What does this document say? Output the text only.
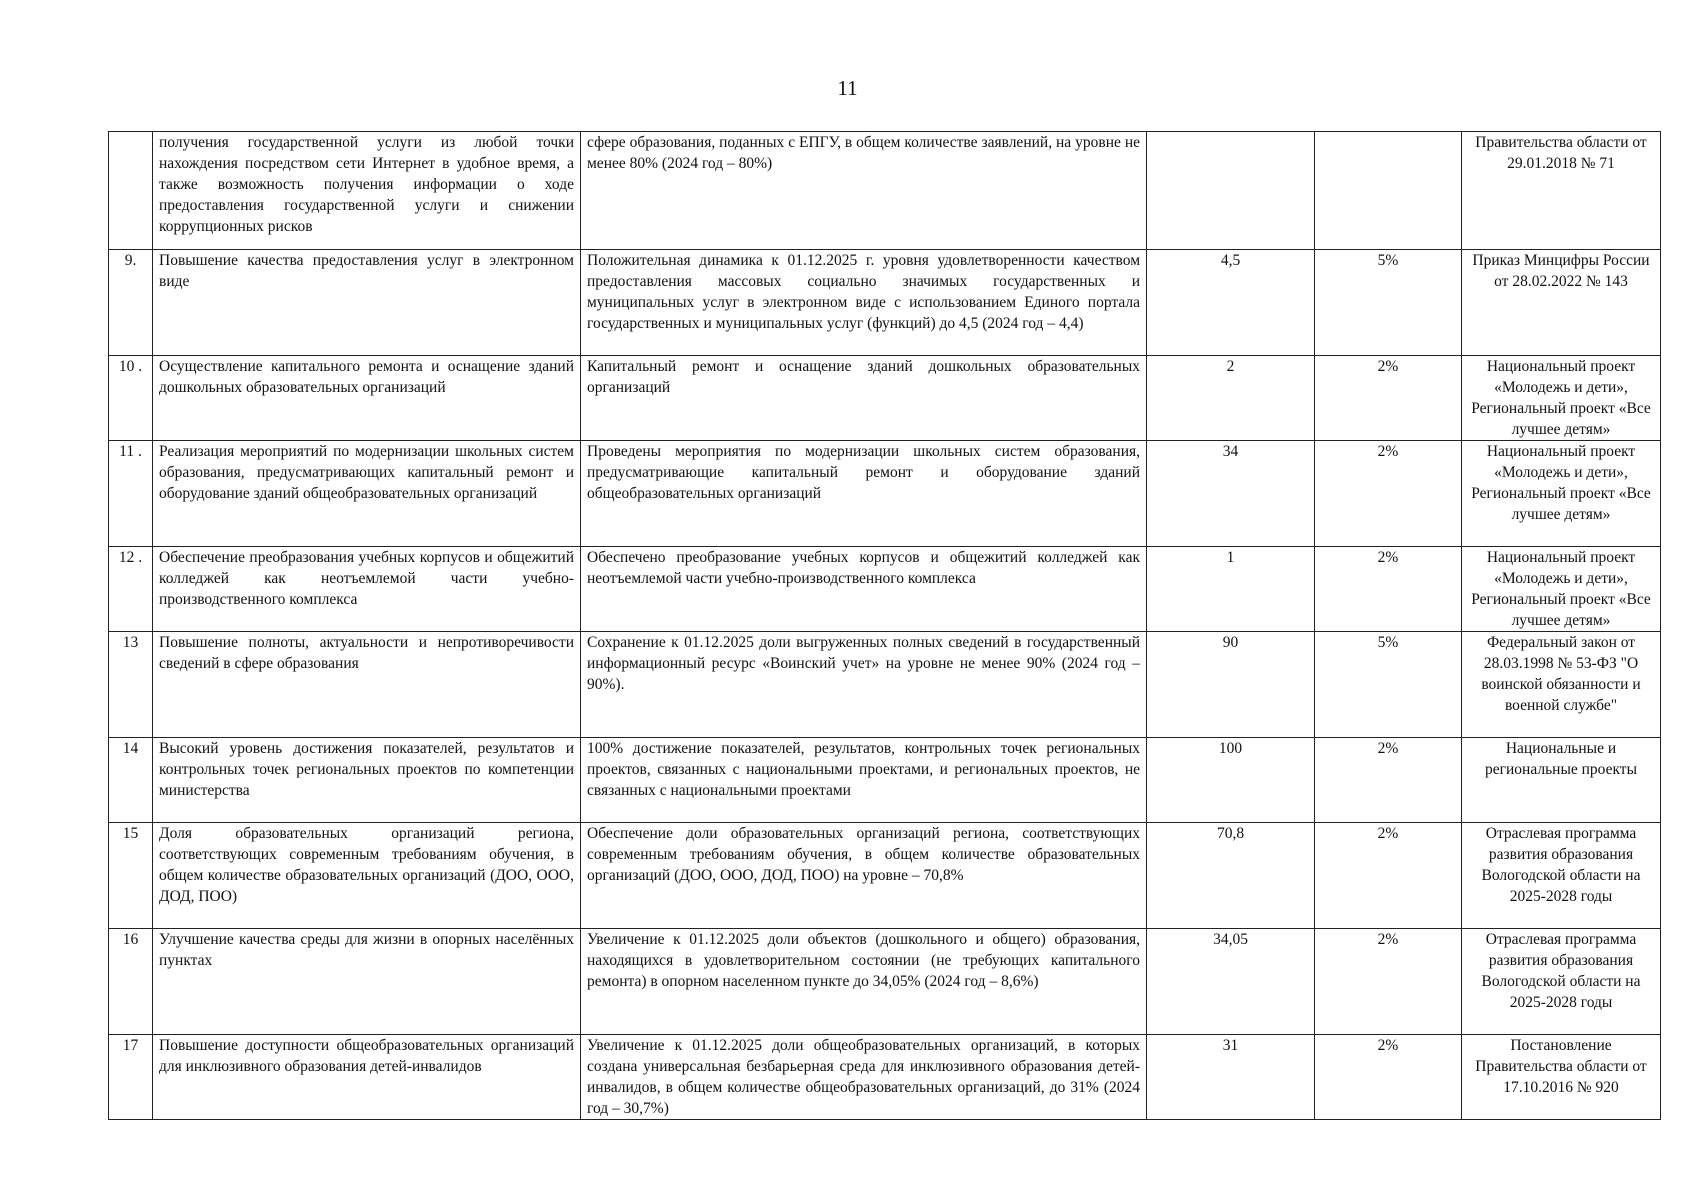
11
	получения государственной услуги из любой точки нахождения посредством сети Интернет в удобное время, а также возможность получения информации о ходе предоставления государственной услуги и снижении коррупционных рисков	сфере образования, поданных с ЕПГУ, в общем количестве заявлений, на уровне не менее 80% (2024 год – 80%)			Правительства области от 29.01.2018 № 71
9.	Повышение качества предоставления услуг в электронном виде	Положительная динамика к 01.12.2025 г. уровня удовлетворенности качеством предоставления массовых социально значимых государственных и муниципальных услуг в электронном виде с использованием Единого портала государственных и муниципальных услуг (функций) до 4,5 (2024 год – 4,4)	4,5	5%	Приказ Минцифры России от 28.02.2022 № 143
10 .	Осуществление капитального ремонта и оснащение зданий дошкольных образовательных организаций	Капитальный ремонт и оснащение зданий дошкольных образовательных организаций	2	2%	Национальный проект «Молодежь и дети», Региональный проект «Все лучшее детям»
11 .	Реализация мероприятий по модернизации школьных систем образования, предусматривающих капитальный ремонт и оборудование зданий общеобразовательных организаций	Проведены мероприятия по модернизации школьных систем образования, предусматривающие капитальный ремонт и оборудование зданий общеобразовательных организаций	34	2%	Национальный проект «Молодежь и дети», Региональный проект «Все лучшее детям»
12 .	Обеспечение преобразования учебных корпусов и общежитий колледжей как неотъемлемой части учебно-производственного комплекса	Обеспечено преобразование учебных корпусов и общежитий колледжей как неотъемлемой части учебно-производственного комплекса	1	2%	Национальный проект «Молодежь и дети», Региональный проект «Все лучшее детям»
13	Повышение полноты, актуальности и непротиворечивости сведений в сфере образования	Сохранение к 01.12.2025 доли выгруженных полных сведений в государственный информационный ресурс «Воинский учет» на уровне не менее 90% (2024 год – 90%).	90	5%	Федеральный закон от 28.03.1998 № 53-ФЗ "О воинской обязанности и военной службе"
14	Высокий уровень достижения показателей, результатов и контрольных точек региональных проектов по компетенции министерства	100% достижение показателей, результатов, контрольных точек региональных проектов, связанных с национальными проектами, и региональных проектов, не связанных с национальными проектами	100	2%	Национальные и региональные проекты
15	Доля образовательных организаций региона, соответствующих современным требованиям обучения, в общем количестве образовательных организаций (ДОО, ООО, ДОД, ПОО)	Обеспечение доли образовательных организаций региона, соответствующих современным требованиям обучения, в общем количестве образовательных организаций (ДОО, ООО, ДОД, ПОО) на уровне – 70,8%	70,8	2%	Отраслевая программа развития образования Вологодской области на 2025-2028 годы
16	Улучшение качества среды для жизни в опорных населённых пунктах	Увеличение к 01.12.2025 доли объектов (дошкольного и общего) образования, находящихся в удовлетворительном состоянии (не требующих капитального ремонта) в опорном населенном пункте до 34,05% (2024 год – 8,6%)	34,05	2%	Отраслевая программа развития образования Вологодской области на 2025-2028 годы
17	Повышение доступности общеобразовательных организаций для инклюзивного образования детей-инвалидов	Увеличение к 01.12.2025 доли общеобразовательных организаций, в которых создана универсальная безбарьерная среда для инклюзивного образования детей-инвалидов, в общем количестве общеобразовательных организаций, до 31% (2024 год – 30,7%)	31	2%	Постановление Правительства области от 17.10.2016 № 920
